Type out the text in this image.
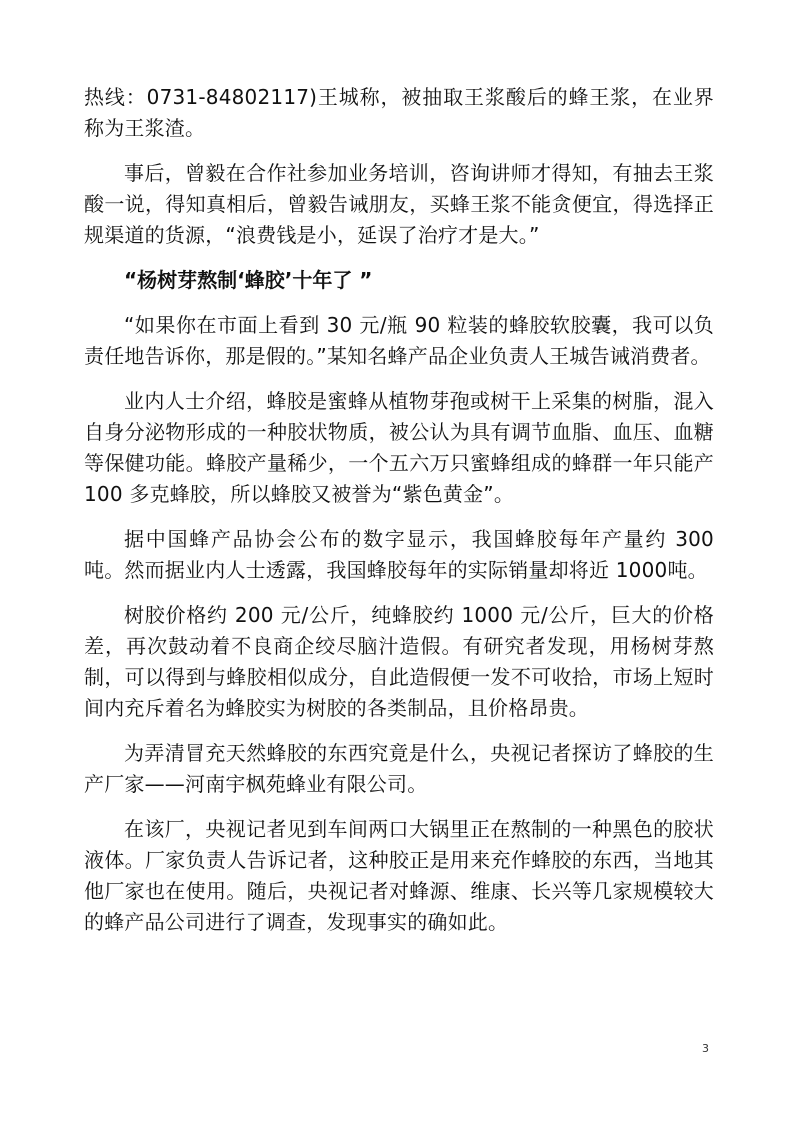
热线：0731-84802117)王城称，被抽取王浆酸后的蜂王浆，在业界称为王浆渣。

事后，曾毅在合作社参加业务培训，咨询讲师才得知，有抽去王浆酸一说，得知真相后，曾毅告诫朋友，买蜂王浆不能贪便宜，得选择正规渠道的货源，“浪费钱是小，延误了治疗才是大。”

“杨树芽熬制‘蜂胶’十年了 ”

“如果你在市面上看到 30 元/瓶 90 粒装的蜂胶软胶囊，我可以负责任地告诉你，那是假的。”某知名蜂产品企业负责人王城告诫消费者。

业内人士介绍，蜂胶是蜜蜂从植物芽孢或树干上采集的树脂，混入自身分泌物形成的一种胶状物质，被公认为具有调节血脂、血压、血糖等保健功能。蜂胶产量稀少，一个五六万只蜜蜂组成的蜂群一年只能产 100 多克蜂胶，所以蜂胶又被誉为“紫色黄金”。

据中国蜂产品协会公布的数字显示，我国蜂胶每年产量约 300 吨。然而据业内人士透露，我国蜂胶每年的实际销量却将近 1000吨。

树胶价格约 200 元/公斤，纯蜂胶约 1000 元/公斤，巨大的价格差，再次鼓动着不良商企绞尽脑汁造假。有研究者发现，用杨树芽熬制，可以得到与蜂胶相似成分，自此造假便一发不可收拾，市场上短时间内充斥着名为蜂胶实为树胶的各类制品，且价格昂贵。

为弄清冒充天然蜂胶的东西究竟是什么，央视记者探访了蜂胶的生产厂家——河南宇枫苑蜂业有限公司。

在该厂，央视记者见到车间两口大锅里正在熬制的一种黑色的胶状液体。厂家负责人告诉记者，这种胶正是用来充作蜂胶的东西，当地其他厂家也在使用。随后，央视记者对蜂源、维康、长兴等几家规模较大的蜂产品公司进行了调查，发现事实的确如此。

3
